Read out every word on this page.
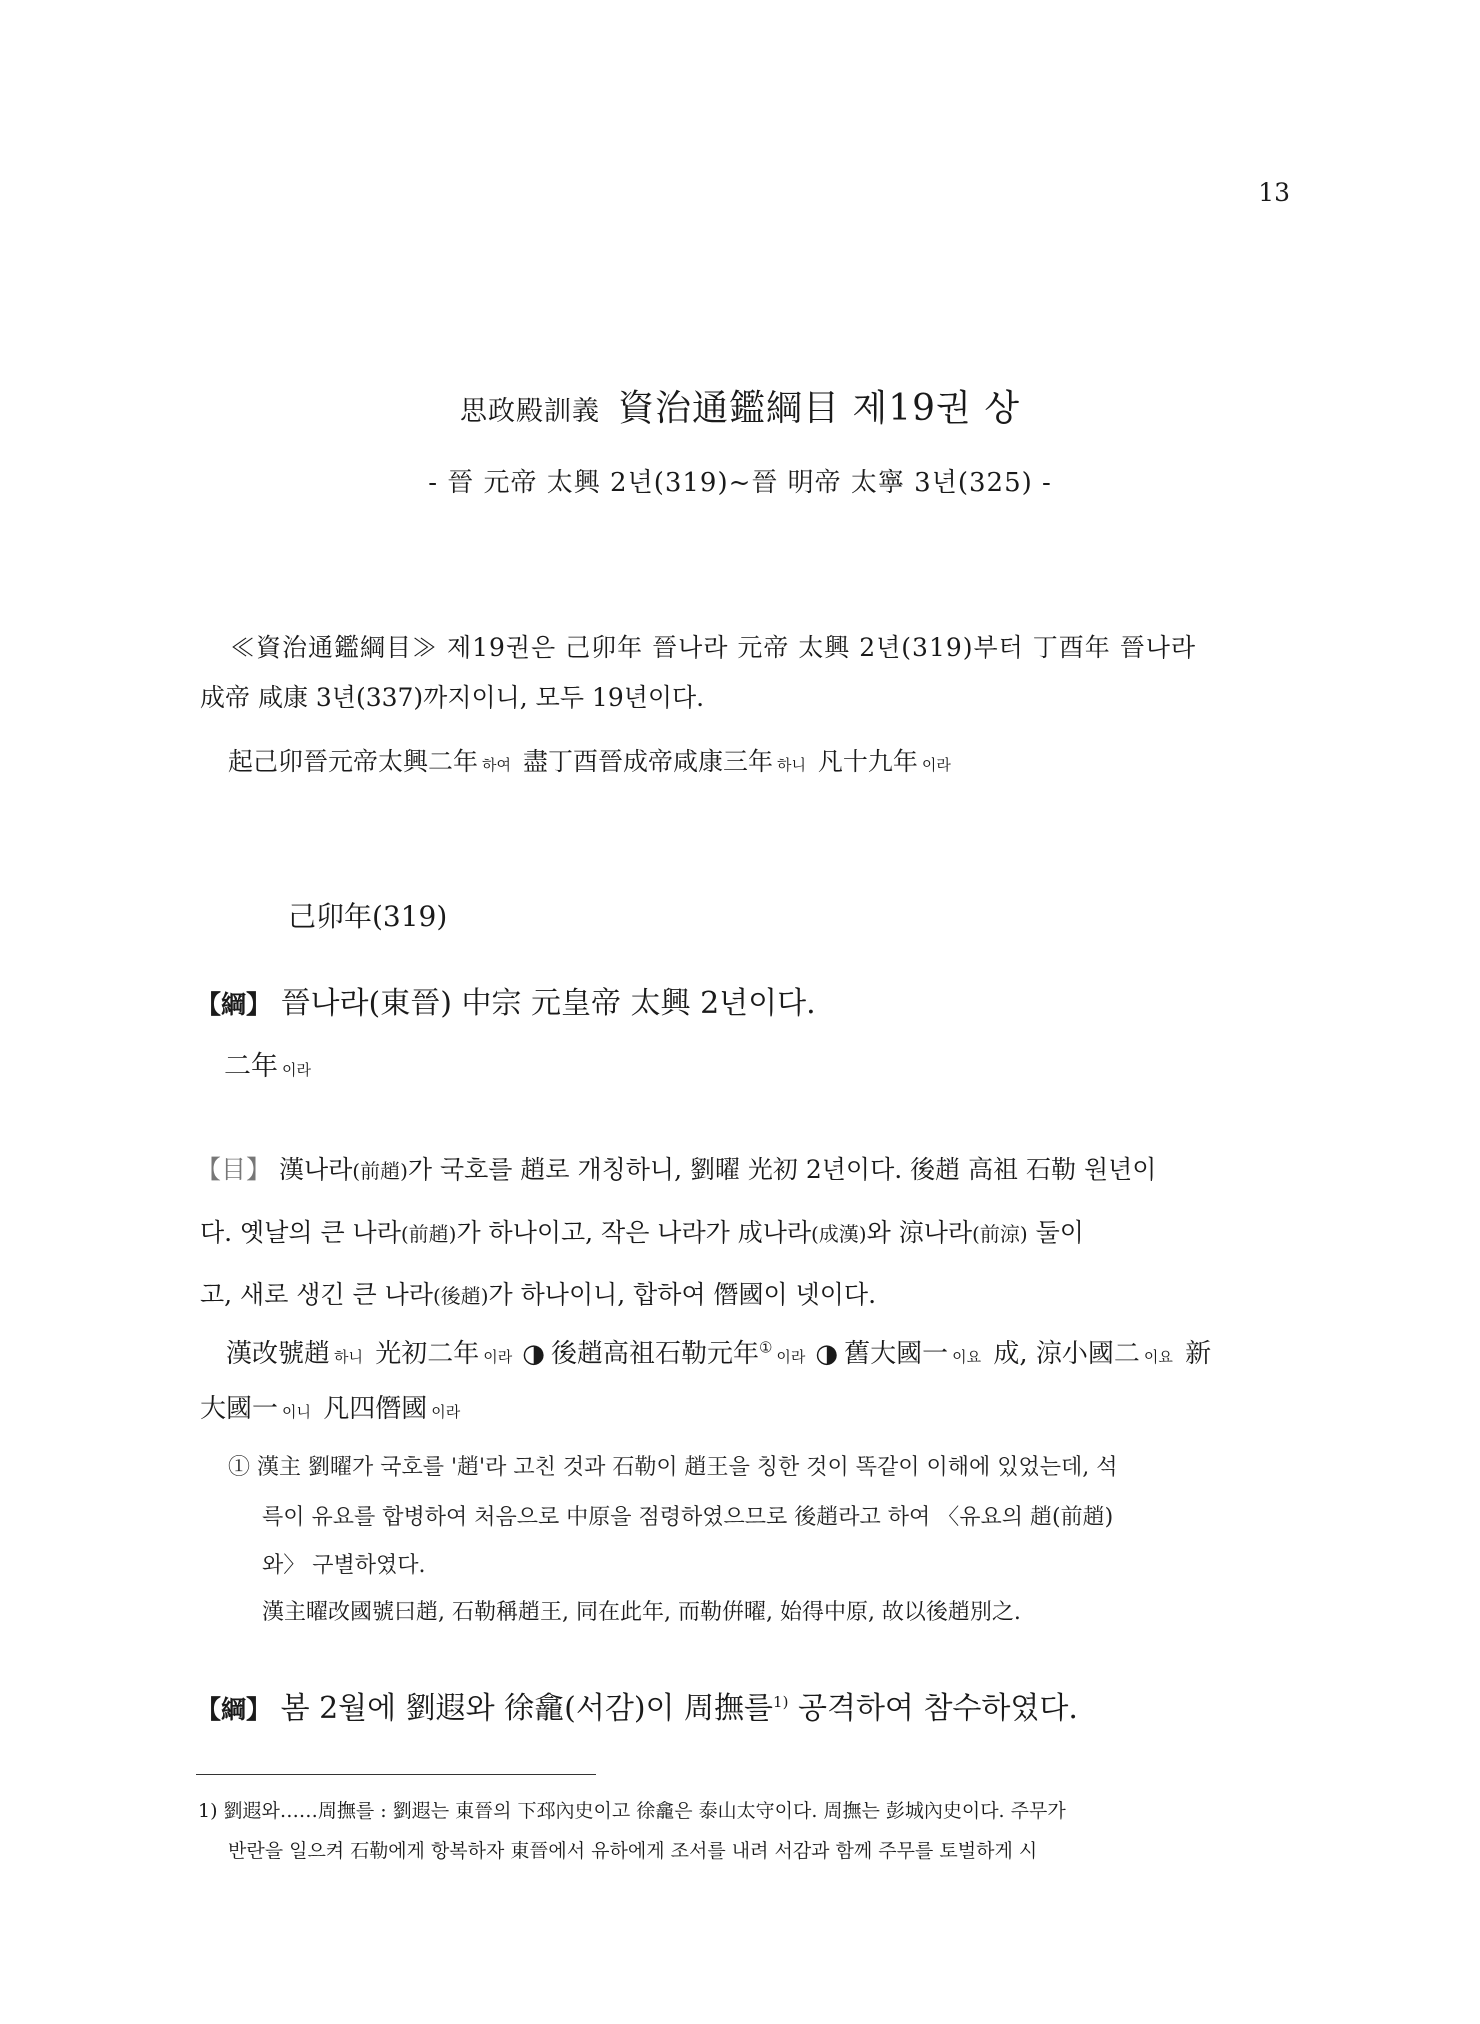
13
思政殿訓義 資治通鑑綱目 제19권 상
- 晉 元帝 太興 2년(319)~晉 明帝 太寧 3년(325) -
≪資治通鑑綱目≫ 제19권은 己卯年 晉나라 元帝 太興 2년(319)부터 丁酉年 晉나라
成帝 咸康 3년(337)까지이니, 모두 19년이다.
起己卯晉元帝太興二年 하여 盡丁酉晉成帝咸康三年 하니 凡十九年 이라
己卯年(319)
【綱】 晉나라(東晉) 中宗 元皇帝 太興 2년이다.
二年 이라
【目】 漢나라(前趙)가 국호를 趙로 개칭하니, 劉曜 光初 2년이다. 後趙 高祖 石勒 원년이
다. 옛날의 큰 나라(前趙)가 하나이고, 작은 나라가 成나라(成漢)와 涼나라(前涼) 둘이
고, 새로 생긴 큰 나라(後趙)가 하나이니, 합하여 僭國이 넷이다.
漢改號趙 하니 光初二年 이라 ◑ 後趙高祖石勒元年①이라 ◑ 舊大國一 이요 成, 涼小國二 이요 新
大國一 이니 凡四僭國 이라
① 漢主 劉曜가 국호를 '趙'라 고친 것과 石勒이 趙王을 칭한 것이 똑같이 이해에 있었는데, 석
륵이 유요를 합병하여 처음으로 中原을 점령하였으므로 後趙라고 하여 〈유요의 趙(前趙)
와〉 구별하였다.
漢主曜改國號曰趙, 石勒稱趙王, 同在此年, 而勒倂曜, 始得中原, 故以後趙別之.
【綱】 봄 2월에 劉遐와 徐龕(서감)이 周撫를$^{1)}$ 공격하여 참수하였다.
1) 劉遐와……周撫를 : 劉遐는 東晉의 下邳內史이고 徐龕은 泰山太守이다. 周撫는 彭城內史이다. 주무가
반란을 일으켜 石勒에게 항복하자 東晉에서 유하에게 조서를 내려 서감과 함께 주무를 토벌하게 시
